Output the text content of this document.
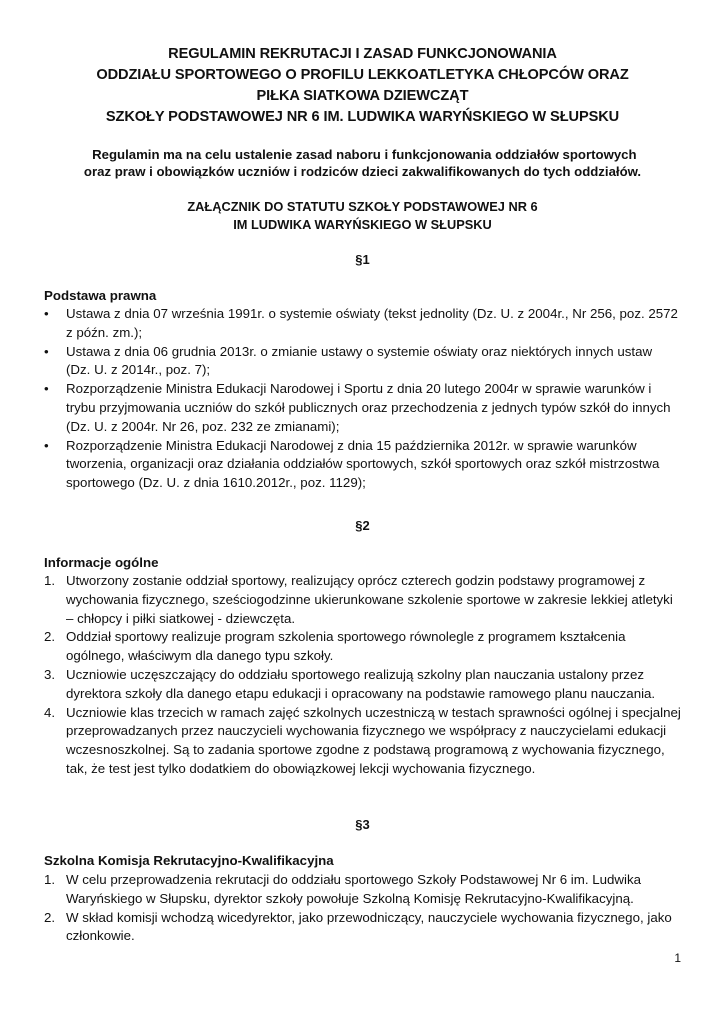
REGULAMIN REKRUTACJI I ZASAD FUNKCJONOWANIA
ODDZIAŁU SPORTOWEGO O PROFILU LEKKOATLETYKA CHŁOPCÓW ORAZ
PIŁKA SIATKOWA DZIEWCZĄT
SZKOŁY PODSTAWOWEJ NR 6 IM. LUDWIKA WARYŃSKIEGO W SŁUPSKU
Regulamin ma na celu ustalenie zasad naboru i funkcjonowania oddziałów sportowych
oraz praw i obowiązków uczniów i rodziców dzieci zakwalifikowanych do tych oddziałów.
ZAŁĄCZNIK DO STATUTU SZKOŁY PODSTAWOWEJ NR 6
IM LUDWIKA WARYŃSKIEGO W SŁUPSKU
§1
Podstawa prawna
•	Ustawa z dnia 07 września 1991r. o systemie oświaty (tekst jednolity (Dz. U. z 2004r., Nr 256, poz. 2572
z późn. zm.);
•	Ustawa z dnia 06 grudnia 2013r. o zmianie ustawy o systemie oświaty oraz niektórych innych ustaw
(Dz. U. z 2014r., poz. 7);
•	Rozporządzenie Ministra Edukacji Narodowej i Sportu z dnia 20 lutego 2004r w sprawie warunków i
trybu przyjmowania uczniów do szkół publicznych oraz przechodzenia z jednych typów szkół do innych
(Dz. U. z 2004r. Nr 26, poz. 232 ze zmianami);
•	Rozporządzenie Ministra Edukacji Narodowej z dnia 15 października 2012r. w sprawie warunków
tworzenia, organizacji oraz działania oddziałów sportowych, szkół sportowych oraz szkół mistrzostwa
sportowego (Dz. U. z dnia 1610.2012r., poz. 1129);
§2
Informacje ogólne
1. Utworzony zostanie oddział sportowy, realizujący oprócz czterech godzin podstawy programowej z
wychowania fizycznego, sześciogodzinne ukierunkowane szkolenie sportowe w zakresie lekkiej atletyki
– chłopcy i piłki siatkowej - dziewczęta.
2. Oddział sportowy realizuje program szkolenia sportowego równolegle z programem kształcenia
ogólnego, właściwym dla danego typu szkoły.
3. Uczniowie uczęszczający do oddziału sportowego realizują szkolny plan nauczania ustalony przez
dyrektora szkoły dla danego etapu edukacji i opracowany na podstawie ramowego planu nauczania.
4. Uczniowie klas trzecich w ramach zajęć szkolnych uczestniczą w testach sprawności ogólnej i specjalnej
przeprowadzanych przez nauczycieli wychowania fizycznego we współpracy z nauczycielami edukacji
wczesnoszkolnej. Są to zadania sportowe zgodne z podstawą programową z wychowania fizycznego,
tak, że test jest tylko dodatkiem do obowiązkowej lekcji wychowania fizycznego.
§3
Szkolna Komisja Rekrutacyjno-Kwalifikacyjna
1. W celu przeprowadzenia rekrutacji do oddziału sportowego Szkoły Podstawowej Nr 6 im. Ludwika
Waryńskiego w Słupsku, dyrektor szkoły powołuje Szkolną Komisję Rekrutacyjno-Kwalifikacyjną.
2. W skład komisji wchodzą wicedyrektor, jako przewodniczący, nauczyciele wychowania fizycznego, jako
członkowie.
1
